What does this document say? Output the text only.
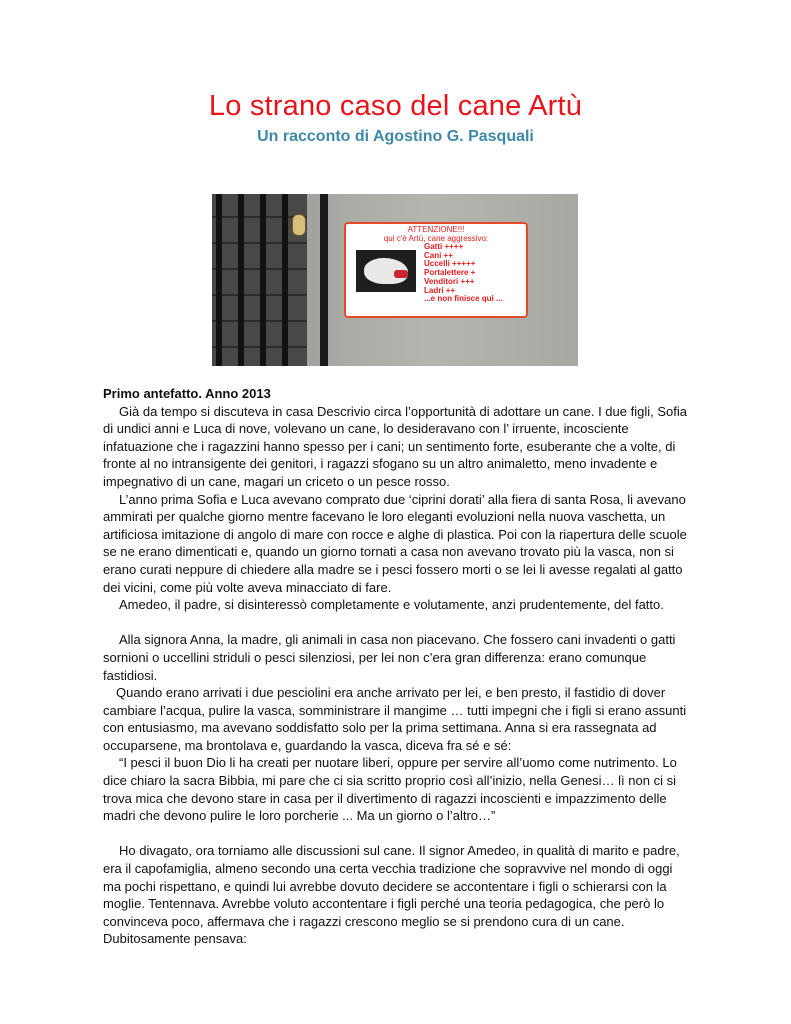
Lo strano caso del cane Artù
Un racconto di Agostino G. Pasquali
ATTENZIONE!!!
qui c'è Artù, cane aggressivo:
Gatti ++++
Cani ++
Uccelli +++++
Portalettere +
Venditori +++
Ladri ++
...e non finisce qui ...
Primo antefatto. Anno 2013

Già da tempo si discuteva in casa Descrivio circa l’opportunità di adottare un cane. I due figli, Sofia di undici anni e Luca di nove, volevano un cane, lo desideravano con l’ irruente, incosciente infatuazione che i ragazzini hanno spesso per i cani; un sentimento forte, esuberante che a volte, di fronte al no intransigente dei genitori, i ragazzi sfogano su un altro animaletto, meno invadente e impegnativo di un cane, magari un criceto o un pesce rosso.

L’anno prima Sofia e Luca avevano comprato due ‘ciprini dorati’ alla fiera di santa Rosa, li avevano ammirati per qualche giorno mentre facevano le loro eleganti evoluzioni nella nuova vaschetta, un artificiosa imitazione di angolo di mare con rocce e alghe di plastica. Poi con la riapertura delle scuole se ne erano dimenticati e, quando un giorno tornati a casa non avevano trovato più la vasca, non si erano curati neppure di chiedere alla madre se i pesci fossero morti o se lei li avesse regalati al gatto dei vicini, come più volte aveva minacciato di fare.

Amedeo, il padre, si disinteressò completamente e volutamente, anzi prudentemente, del fatto.

Alla signora Anna, la madre, gli animali in casa non piacevano. Che fossero cani invadenti o gatti sornioni o uccellini striduli o pesci silenziosi, per lei non c’era gran differenza: erano comunque fastidiosi.

Quando erano arrivati i due pesciolini era anche arrivato per lei, e ben presto, il fastidio di dover cambiare l’acqua, pulire la vasca, somministrare il mangime … tutti impegni che i figli si erano assunti con entusiasmo, ma avevano soddisfatto solo per la prima settimana. Anna si era rassegnata ad occuparsene, ma brontolava e, guardando la vasca, diceva fra sé e sé:

“I pesci il buon Dio li ha creati per nuotare liberi, oppure per servire all’uomo come nutrimento. Lo dice chiaro la sacra Bibbia, mi pare che ci sia scritto proprio così all’inizio, nella Genesi… lì non ci si trova mica che devono stare in casa per il divertimento di ragazzi incoscienti e impazzimento delle madri che devono pulire le loro porcherie ... Ma un giorno o l’altro…”

Ho divagato, ora torniamo alle discussioni sul cane. Il signor Amedeo, in qualità di marito e padre, era il capofamiglia, almeno secondo una certa vecchia tradizione che sopravvive nel mondo di oggi ma pochi rispettano, e quindi lui avrebbe dovuto decidere se accontentare i figli o schierarsi con la moglie. Tentennava. Avrebbe voluto accontentare i figli perché una teoria pedagogica, che però lo convinceva poco, affermava che i ragazzi crescono meglio se si prendono cura di un cane. Dubitosamente pensava:
